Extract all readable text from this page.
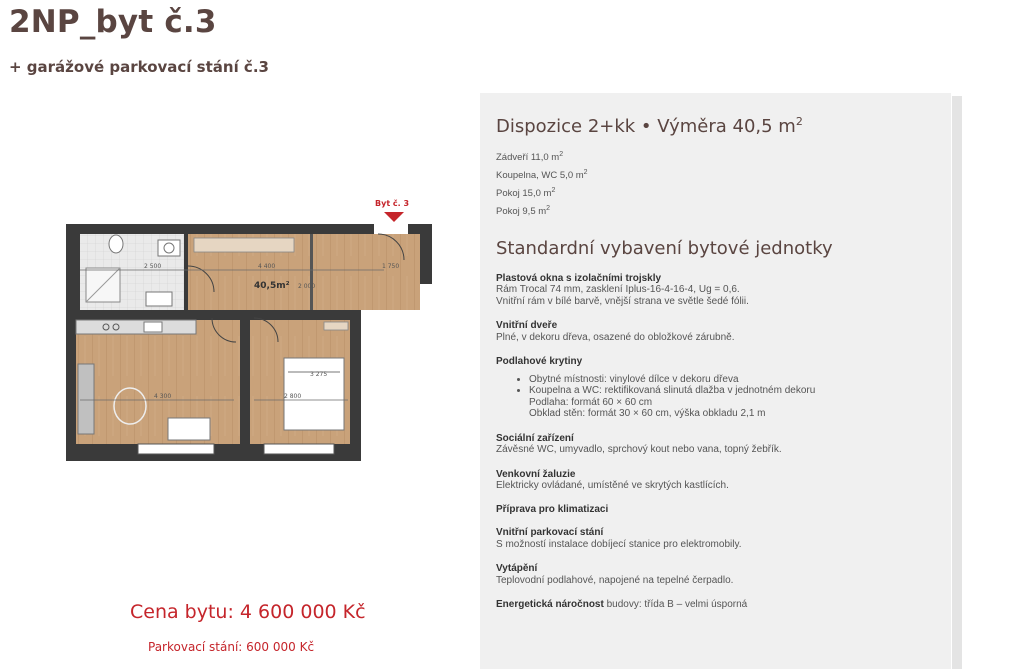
2NP_byt č.3
+ garážové parkovací stání č.3
Byt č. 3
40,5m²
2 500	4 400	1 750
2 000
4 300	2 800
3 275
Cena bytu: 4 600 000 Kč
Parkovací stání: 600 000 Kč
Dispozice 2+kk • Výměra 40,5 $m^2$
Zádveří 11,0 $m^2$
Koupelna, WC 5,0 $m^2$
Pokoj 15,0 $m^2$
Pokoj 9,5 $m^2$
Standardní vybavení bytové jednotky
Plastová okna s izolačními trojskly
Rám Trocal 74 mm, zasklení Iplus-16-4-16-4, Ug = 0,6.
Vnitřní rám v bílé barvě, vnější strana ve světle šedé fólii.
Vnitřní dveře
Plné, v dekoru dřeva, osazené do obložkové zárubně.
Podlahové krytiny
• Obytné místnosti: vinylové dílce v dekoru dřeva
• Koupelna a WC: rektifikovaná slinutá dlažba v jednotném dekoru
Podlaha: formát 60 × 60 cm
Obklad stěn: formát 30 × 60 cm, výška obkladu 2,1 m
Sociální zařízení
Závěsné WC, umyvadlo, sprchový kout nebo vana, topný žebřík.
Venkovní žaluzie
Elektricky ovládané, umístěné ve skrytých kastlících.
Příprava pro klimatizaci
Vnitřní parkovací stání
S možností instalace dobíjecí stanice pro elektromobily.
Vytápění
Teplovodní podlahové, napojené na tepelné čerpadlo.
Energetická náročnost budovy: třída B – velmi úsporná
